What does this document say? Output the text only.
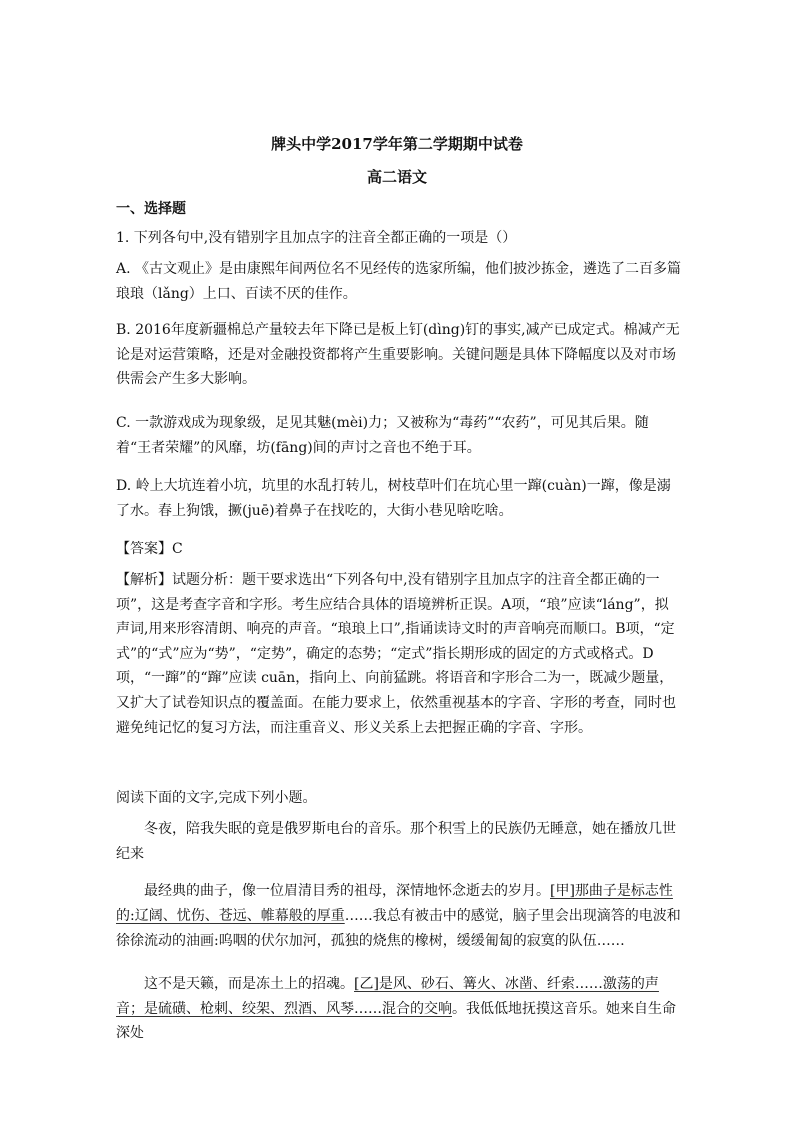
牌头中学2017学年第二学期期中试卷
高二语文
一、选择题

1. 下列各句中,没有错别字且加点字的注音全都正确的一项是（）

A. 《古文观止》是由康熙年间两位名不见经传的选家所编，他们披沙拣金，遴选了二百多篇琅琅（lǎng）上口、百读不厌的佳作。

B. 2016年度新疆棉总产量较去年下降已是板上钉(dìng)钉的事实,减产已成定式。棉减产无论是对运营策略，还是对金融投资都将产生重要影响。关键问题是具体下降幅度以及对市场供需会产生多大影响。

C. 一款游戏成为现象级，足见其魅(mèi)力；又被称为“毒药”“农药”，可见其后果。随着“王者荣耀”的风靡，坊(fāng)间的声讨之音也不绝于耳。

D. 岭上大坑连着小坑，坑里的水乱打转儿，树枝草叶们在坑心里一蹿(cuàn)一蹿，像是溺了水。春上狗饿，撅(juē)着鼻子在找吃的，大街小巷见啥吃啥。

【答案】C

【解析】试题分析：题干要求选出“下列各句中,没有错别字且加点字的注音全都正确的一项”，这是考查字音和字形。考生应结合具体的语境辨析正误。A项，“琅”应读“láng”，拟声词,用来形容清朗、响亮的声音。“琅琅上口”,指诵读诗文时的声音响亮而顺口。B项，“定式”的“式”应为“势”，“定势”，确定的态势；“定式”指长期形成的固定的方式或格式。D项，“一蹿”的“蹿”应读 cuān，指向上、向前猛跳。将语音和字形合二为一，既减少题量，又扩大了试卷知识点的覆盖面。在能力要求上，依然重视基本的字音、字形的考查，同时也避免纯记忆的复习方法，而注重音义、形义关系上去把握正确的字音、字形。

阅读下面的文字,完成下列小题。

冬夜，陪我失眠的竟是俄罗斯电台的音乐。那个积雪上的民族仍无睡意，她在播放几世纪来

最经典的曲子，像一位眉清目秀的祖母，深情地怀念逝去的岁月。[甲]那曲子是标志性的:辽阔、忧伤、苍远、帷幕般的厚重……我总有被击中的感觉，脑子里会出现滴答的电波和徐徐流动的油画:呜咽的伏尔加河，孤独的烧焦的橡树，缓缓匍匐的寂寞的队伍……

这不是天籁，而是冻土上的招魂。[乙]是风、砂石、篝火、冰凿、纤索……激荡的声音；是硫磺、枪刺、绞架、烈酒、风琴……混合的交响。我低低地抚摸这音乐。她来自生命深处
